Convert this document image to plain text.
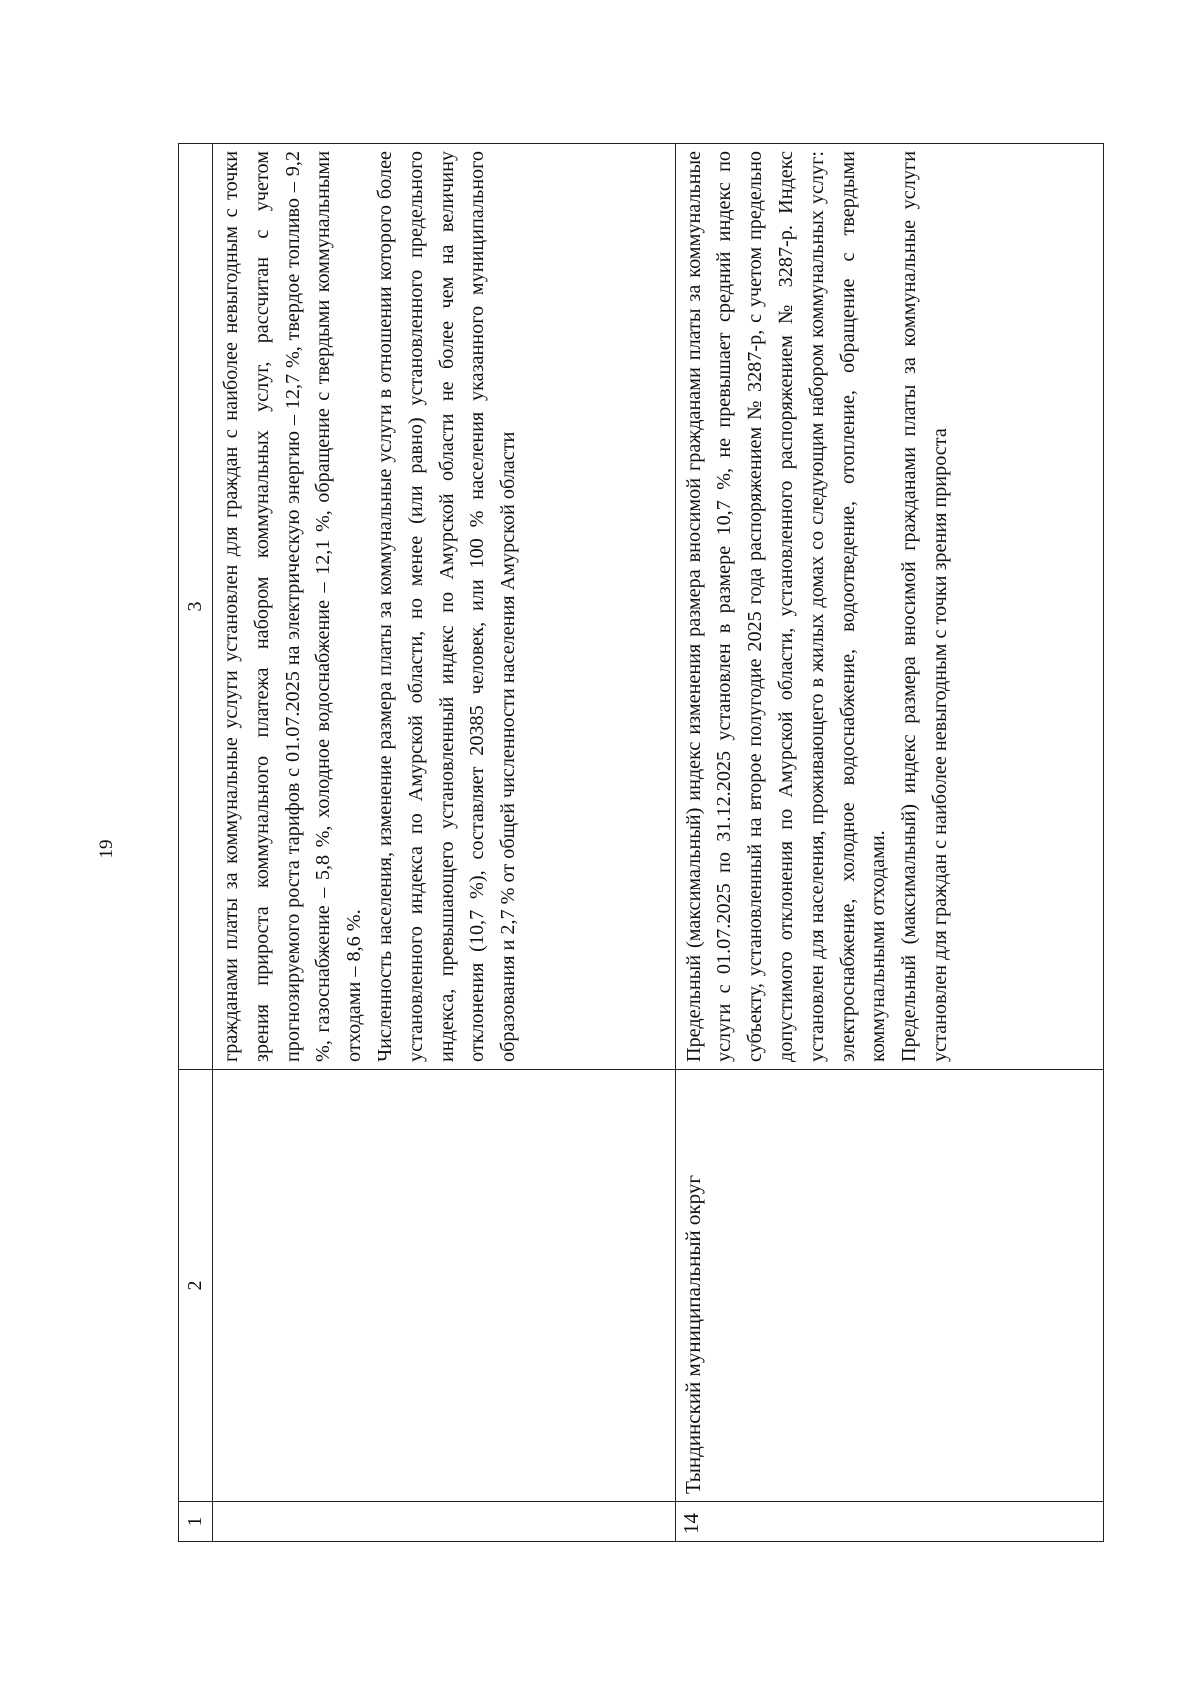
19
1	2	3

		гражданами платы за коммунальные услуги установлен для граждан с наиболее невыгодным с точки зрения прироста коммунального платежа набором коммунальных услуг, рассчитан с учетом прогнозируемого роста тарифов с 01.07.2025 на электрическую энергию – 12,7 %, твердое топливо – 9,2 %, газоснабжение – 5,8 %, холодное водоснабжение – 12,1 %, обращение с твердыми коммунальными отходами – 8,6 %. Численность населения, изменение размера платы за коммунальные услуги в отношении которого более установленного индекса по Амурской области, но менее (или равно) установленного предельного индекса, превышающего установленный индекс по Амурской области не более чем на величину отклонения (10,7 %), составляет 20385 человек, или 100 % населения указанного муниципального образования и 2,7 % от общей численности населения Амурской области

14	Тындинский муниципальный округ	Предельный (максимальный) индекс изменения размера вносимой гражданами платы за коммунальные услуги с 01.07.2025 по 31.12.2025 установлен в размере 10,7 %, не превышает средний индекс по субъекту, установленный на второе полугодие 2025 года распоряжением № 3287-р, с учетом предельно допустимого отклонения по Амурской области, установленного распоряжением № 3287-р. Индекс установлен для населения, проживающего в жилых домах со следующим набором коммунальных услуг: электроснабжение, холодное водоснабжение, водоотведение, отопление, обращение с твердыми коммунальными отходами. Предельный (максимальный) индекс размера вносимой гражданами платы за коммунальные услуги установлен для граждан с наиболее невыгодным с точки зрения прироста
